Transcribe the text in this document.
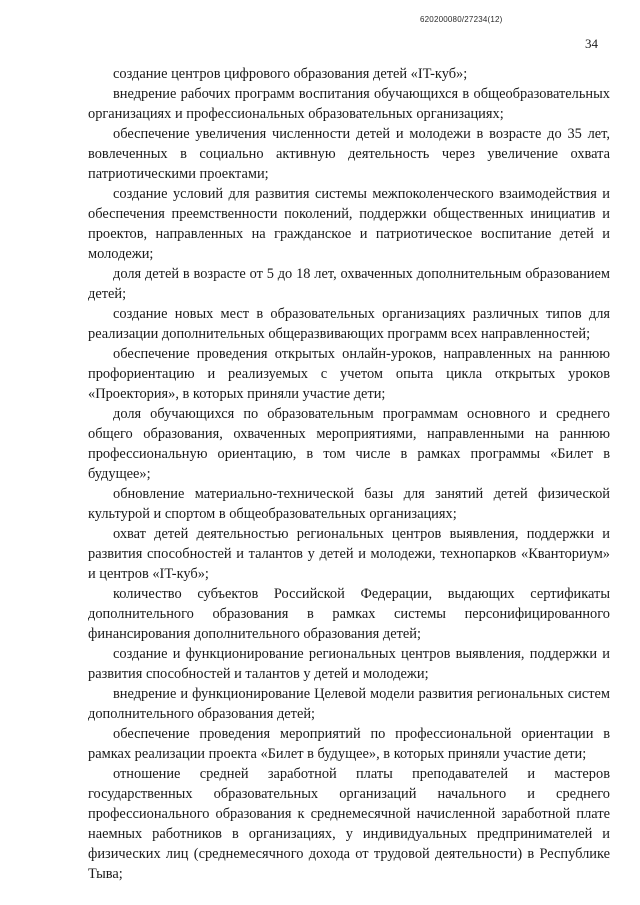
620200080/27234(12)
34

создание центров цифрового образования детей «IT-куб»;

внедрение рабочих программ воспитания обучающихся в общеобразовательных организациях и профессиональных образовательных организациях;

обеспечение увеличения численности детей и молодежи в возрасте до 35 лет, вовлеченных в социально активную деятельность через увеличение охвата патриотическими проектами;

создание условий для развития системы межпоколенческого взаимодействия и обеспечения преемственности поколений, поддержки общественных инициатив и проектов, направленных на гражданское и патриотическое воспитание детей и молодежи;

доля детей в возрасте от 5 до 18 лет, охваченных дополнительным образованием детей;

создание новых мест в образовательных организациях различных типов для реализации дополнительных общеразвивающих программ всех направленностей;

обеспечение проведения открытых онлайн-уроков, направленных на раннюю профориентацию и реализуемых с учетом опыта цикла открытых уроков «Проектория», в которых приняли участие дети;

доля обучающихся по образовательным программам основного и среднего общего образования, охваченных мероприятиями, направленными на раннюю профессиональную ориентацию, в том числе в рамках программы «Билет в будущее»;

обновление материально-технической базы для занятий детей физической культурой и спортом в общеобразовательных организациях;

охват детей деятельностью региональных центров выявления, поддержки и развития способностей и талантов у детей и молодежи, технопарков «Кванториум» и центров «IT-куб»;

количество субъектов Российской Федерации, выдающих сертификаты дополнительного образования в рамках системы персонифицированного финансирования дополнительного образования детей;

создание и функционирование региональных центров выявления, поддержки и развития способностей и талантов у детей и молодежи;

внедрение и функционирование Целевой модели развития региональных систем дополнительного образования детей;

обеспечение проведения мероприятий по профессиональной ориентации в рамках реализации проекта «Билет в будущее», в которых приняли участие дети;

отношение средней заработной платы преподавателей и мастеров государственных образовательных организаций начального и среднего профессионального образования к среднемесячной начисленной заработной плате наемных работников в организациях, у индивидуальных предпринимателей и физических лиц (среднемесячного дохода от трудовой деятельности) в Республике Тыва;
